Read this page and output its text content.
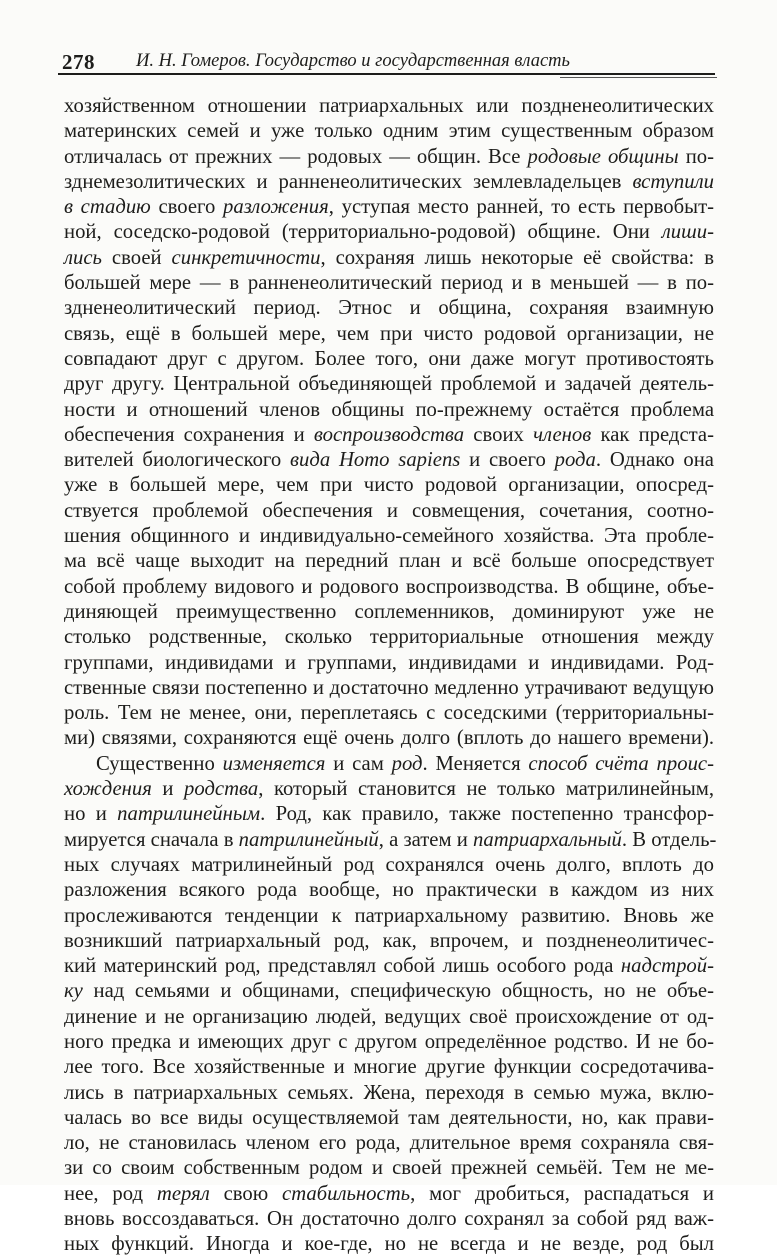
278 И. Н. Гомеров. Государство и государственная власть
хозяйственном отношении патриархальных или поздненеолитических
материнских семей и уже только одним этим существенным образом
отличалась от прежних — родовых — общин. Все родовые общины по-
зднемезолитических и ранненеолитических землевладельцев вступили
в стадию своего разложения, уступая место ранней, то есть первобыт-
ной, соседско-родовой (территориально-родовой) общине. Они лиши-
лись своей синкретичности, сохраняя лишь некоторые её свойства: в
большей мере — в ранненеолитический период и в меньшей — в по-
здненеолитический период. Этнос и община, сохраняя взаимную
связь, ещё в большей мере, чем при чисто родовой организации, не
совпадают друг с другом. Более того, они даже могут противостоять
друг другу. Центральной объединяющей проблемой и задачей деятель-
ности и отношений членов общины по-прежнему остаётся проблема
обеспечения сохранения и воспроизводства своих членов как предста-
вителей биологического вида Homo sapiens и своего рода. Однако она
уже в большей мере, чем при чисто родовой организации, опосред-
ствуется проблемой обеспечения и совмещения, сочетания, соотно-
шения общинного и индивидуально-семейного хозяйства. Эта пробле-
ма всё чаще выходит на передний план и всё больше опосредствует
собой проблему видового и родового воспроизводства. В общине, объе-
диняющей преимущественно соплеменников, доминируют уже не
столько родственные, сколько территориальные отношения между
группами, индивидами и группами, индивидами и индивидами. Род-
ственные связи постепенно и достаточно медленно утрачивают ведущую
роль. Тем не менее, они, переплетаясь с соседскими (территориальны-
ми) связями, сохраняются ещё очень долго (вплоть до нашего времени).
Существенно изменяется и сам род. Меняется способ счёта проис-
хождения и родства, который становится не только матрилинейным,
но и патрилинейным. Род, как правило, также постепенно трансфор-
мируется сначала в патрилинейный, а затем и патриархальный. В отдель-
ных случаях матрилинейный род сохранялся очень долго, вплоть до
разложения всякого рода вообще, но практически в каждом из них
прослеживаются тенденции к патриархальному развитию. Вновь же
возникший патриархальный род, как, впрочем, и поздненеолитичес-
кий материнский род, представлял собой лишь особого рода надстрой-
ку над семьями и общинами, специфическую общность, но не объе-
динение и не организацию людей, ведущих своё происхождение от од-
ного предка и имеющих друг с другом определённое родство. И не бо-
лее того. Все хозяйственные и многие другие функции сосредотачива-
лись в патриархальных семьях. Жена, переходя в семью мужа, вклю-
чалась во все виды осуществляемой там деятельности, но, как прави-
ло, не становилась членом его рода, длительное время сохраняла свя-
зи со своим собственным родом и своей прежней семьёй. Тем не ме-
нее, род терял свою стабильность, мог дробиться, распадаться и
вновь воссоздаваться. Он достаточно долго сохранял за собой ряд важ-
ных функций. Иногда и кое-где, но не всегда и не везде, род был
